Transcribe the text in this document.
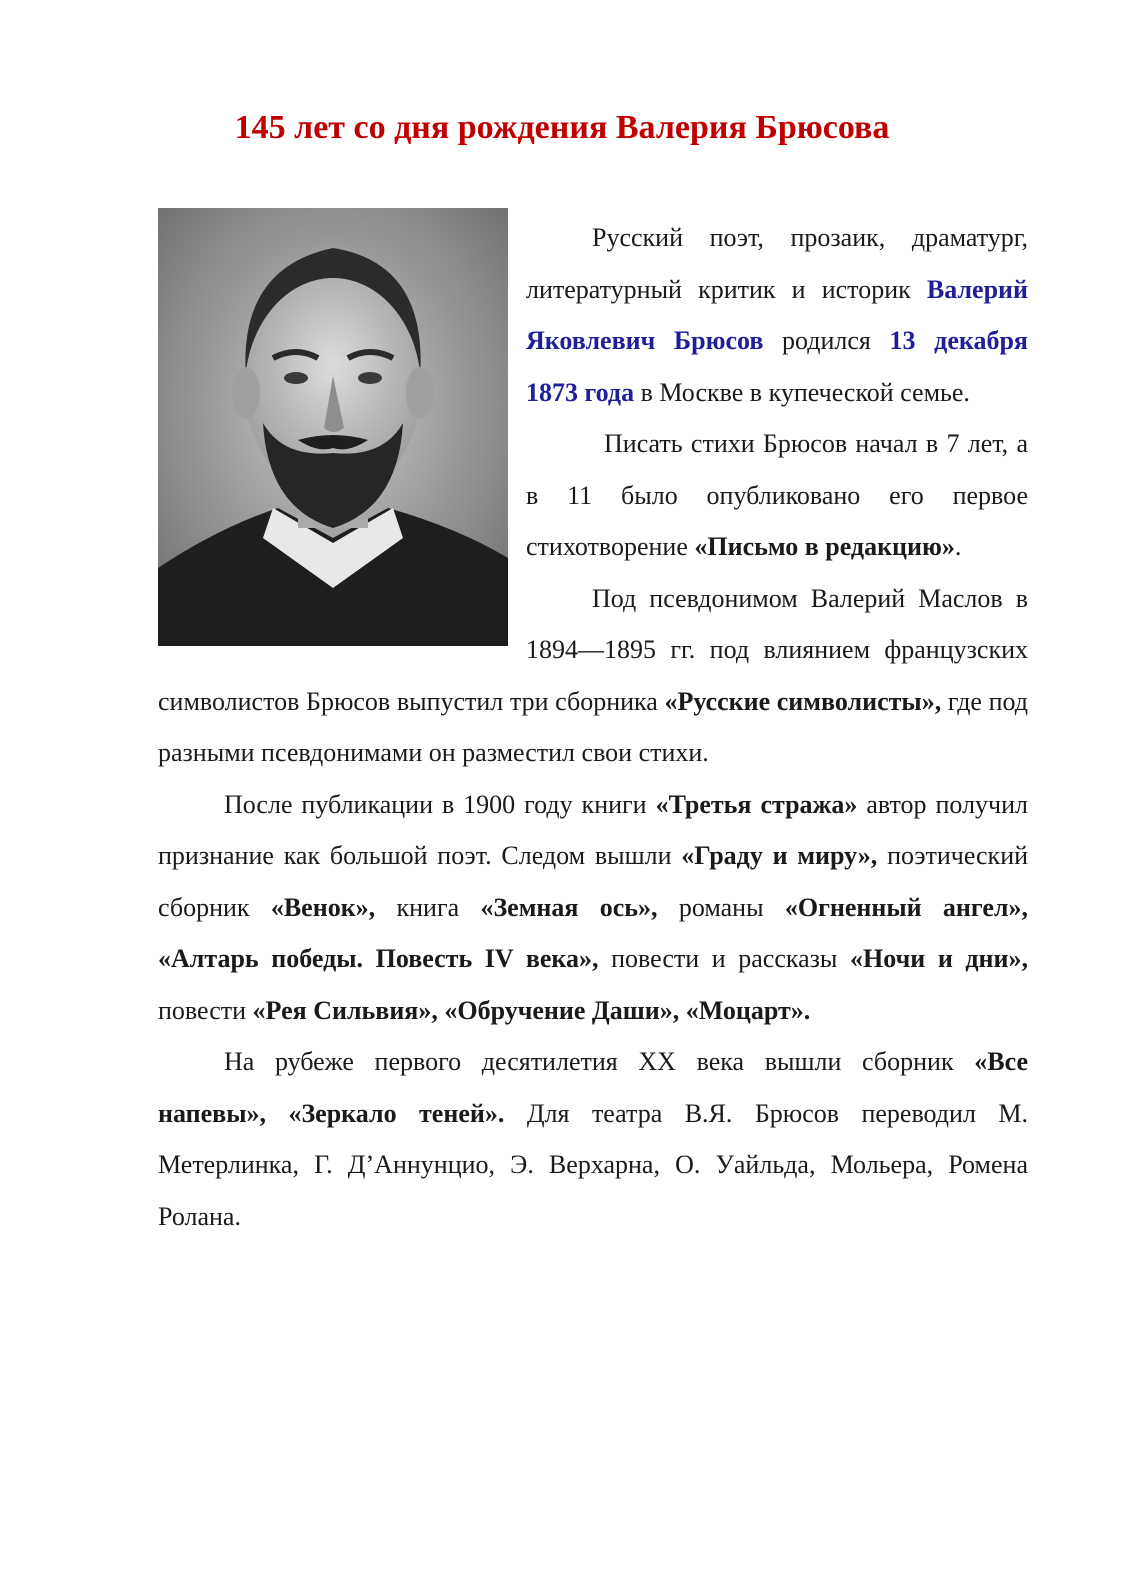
145 лет со дня рождения Валерия Брюсова

Русский поэт, прозаик, драматург, литературный критик и историк Валерий Яковлевич Брюсов родился 13 декабря 1873 года в Москве в купеческой семье.

Писать стихи Брюсов начал в 7 лет, а в 11 было опубликовано его первое стихотворение «Письмо в редакцию».

Под псевдонимом Валерий Маслов в 1894—1895 гг. под влиянием французских символистов Брюсов выпустил три сборника «Русские символисты», где под разными псевдонимами он разместил свои стихи.

После публикации в 1900 году книги «Третья стража» автор получил признание как большой поэт. Следом вышли «Граду и миру», поэтический сборник «Венок», книга «Земная ось», романы «Огненный ангел», «Алтарь победы. Повесть IV века», повести и рассказы «Ночи и дни», повести «Рея Сильвия», «Обручение Даши», «Моцарт».

На рубеже первого десятилетия XX века вышли сборник «Все напевы», «Зеркало теней». Для театра В.Я. Брюсов переводил М. Метерлинка, Г. Д’Аннунцио, Э. Верхарна, О. Уайльда, Мольера, Ромена Ролана.
